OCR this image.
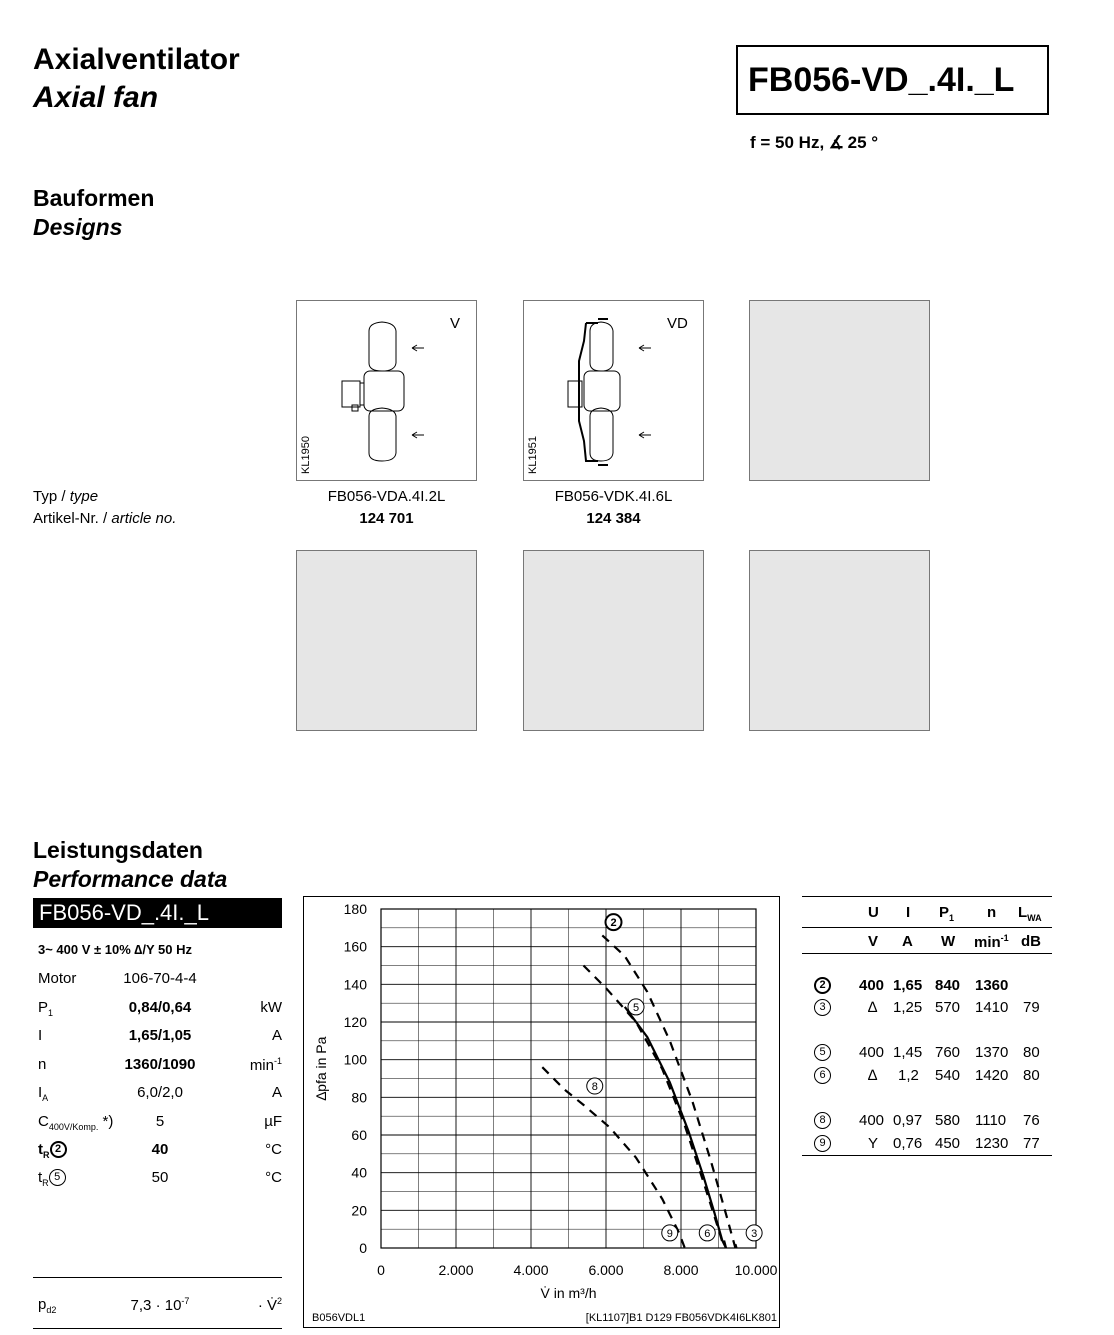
Axialventilator
Axial fan	FB056-VD_.4I._L
f = 50 Hz, ∡ 25 °
Bauformen
Designs
V
KL1950
FB056-VDA.4I.2L
124 701
VD
KL1951
FB056-VDK.4I.6L
124 384
Typ / type
Artikel-Nr. / article no.
Leistungsdaten
Performance data
FB056-VD_.4I._L
3~ 400 V ± 10% ∆/Y 50 Hz
Motor	106-70-4-4
$P_1$	0,84/0,64	kW
I	1,65/1,05	A
n	1360/1090	$\min^{-1}$
$I_A$	6,0/2,0	A
$C_{400V/Komp.}$ *)	5	µF
$t_R$ 2	40	°C
$t_R$ 5	50	°C
$p_{d2}$	$7,3 \cdot 10^{-7}$	· V̇$^2$
0
20
40
60
80
100
120
140
160
180
0	2.000	4.000	6.000	8.000	10.000
V̇ in m³/h
∆pfa in Pa
2
5
8
9	6	3
B056VDL1	[KL1107]B1 D129 FB056VDK4I6LK801
U I $P_1$ n $L_{WA}$
V A W $\min^{-1}$ dB
2	400 1,65 840 1360
3	∆ 1,25 570 1410 79
5	400 1,45 760 1370 80
6	∆ 1,2 540 1420 80
8	400 0,97 580 1110 76
9	Y 0,76 450 1230 77
